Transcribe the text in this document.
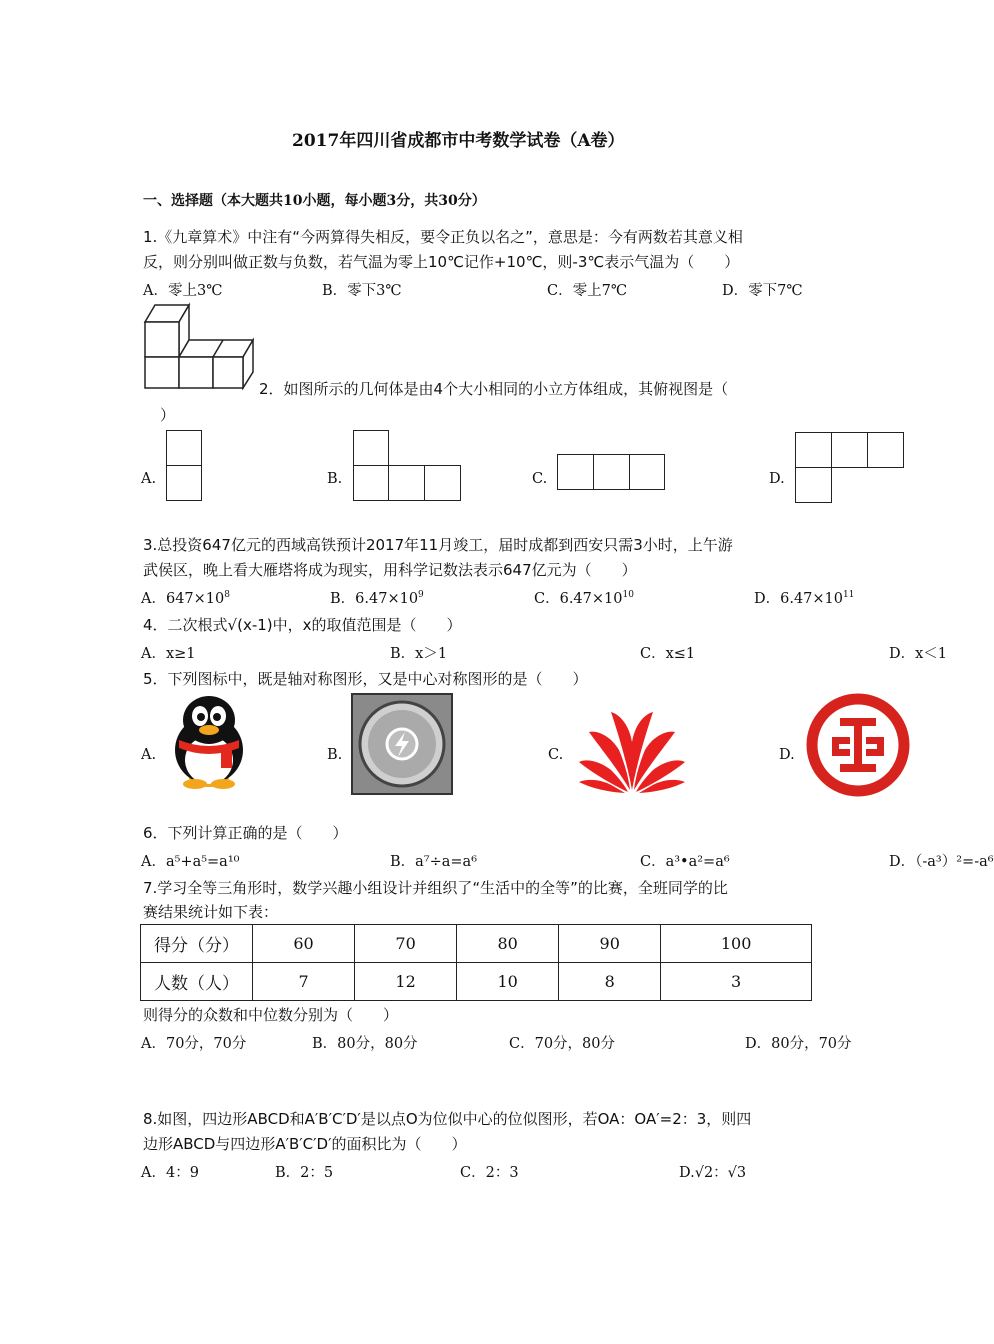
2017年四川省成都市中考数学试卷（A卷）
一、选择题（本大题共10小题，每小题3分，共30分）
1.《九章算术》中注有“今两算得失相反，要令正负以名之”，意思是：今有两数若其意义相
反，则分别叫做正数与负数，若气温为零上10℃记作+10℃，则-3℃表示气温为（　　）
A．零上3℃	B．零下3℃	C．零上7℃	D．零下7℃
2．如图所示的几何体是由4个大小相同的小立方体组成，其俯视图是（
）
A.	B.	C.	D.
3.总投资647亿元的西域高铁预计2017年11月竣工，届时成都到西安只需3小时，上午游
武侯区，晚上看大雁塔将成为现实，用科学记数法表示647亿元为（　　）
A．$647\times 10^8$	B．$6.47\times 10^9$	C．$6.47\times 10^{10}$	D．$6.47\times 10^{11}$
4．二次根式√(x-1)中，x的取值范围是（　　）
A．x≥1	B．x＞1	C．x≤1	D．x＜1
5．下列图标中，既是轴对称图形，又是中心对称图形的是（　　）
A.	B.	C.	D.
6．下列计算正确的是（　　）
A．a⁵+a⁵=a¹⁰	B．a⁷÷a=a⁶	C．a³•a²=a⁶	D．（-a³）²=-a⁶
7.学习全等三角形时，数学兴趣小组设计并组织了“生活中的全等”的比赛，全班同学的比
赛结果统计如下表：
得分（分）	60	70	80	90	100
人数（人）	7	12	10	8	3
则得分的众数和中位数分别为（　　）
A．70分，70分	B．80分，80分	C．70分，80分	D．80分，70分
8.如图，四边形ABCD和A′B′C′D′是以点O为位似中心的位似图形，若OA：OA′=2：3，则四
边形ABCD与四边形A′B′C′D′的面积比为（　　）
A．4：9	B．2：5	C．2：3	D.√2：√3
